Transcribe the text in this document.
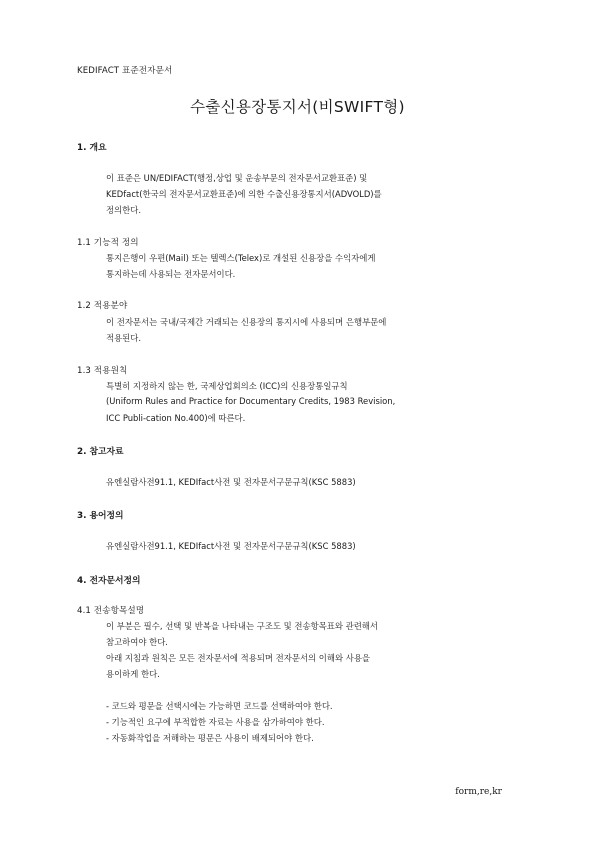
KEDIFACT 표준전자문서
수출신용장통지서(비SWIFT형)
1. 개요
이 표준은 UN/EDIFACT(행정,상업 및 운송부문의 전자문서교환표준) 및
KEDfact(한국의 전자문서교환표준)에 의한 수출신용장통지서(ADVOLD)를
정의한다.
1.1 기능적 정의
통지은행이 우편(Mail) 또는 텔렉스(Telex)로 개설된 신용장을 수익자에게
통지하는데 사용되는 전자문서이다.
1.2 적용분야
이 전자문서는 국내/국제간 거래되는 신용장의 통지시에 사용되며 은행부문에
적용된다.
1.3 적용원칙
특별히 지정하지 않는 한, 국제상업회의소 (ICC)의 신용장통일규칙
(Uniform Rules and Practice for Documentary Credits, 1983 Revision,
ICC Publi-cation No.400)에 따른다.
2. 참고자료
유엔실람사전91.1, KEDIfact사전 및 전자문서구문규칙(KSC 5883)
3. 용어정의
유엔실람사전91.1, KEDIfact사전 및 전자문서구문규칙(KSC 5883)
4. 전자문서정의
4.1 전송항목설명
이 부분은 필수, 선택 및 반복을 나타내는 구조도 및 전송항목표와 관련해서
참고하여야 한다.
아래 지침과 원칙은 모든 전자문서에 적용되며 전자문서의 이해와 사용을
용이하게 한다.
- 코드와 평문을 선택시에는 가능하면 코드를 선택하여야 한다.
- 기능적인 요구에 부적합한 자료는 사용을 삼가하여야 한다.
- 자동화작업을 저해하는 평문은 사용이 배제되어야 한다.
form,re,kr
